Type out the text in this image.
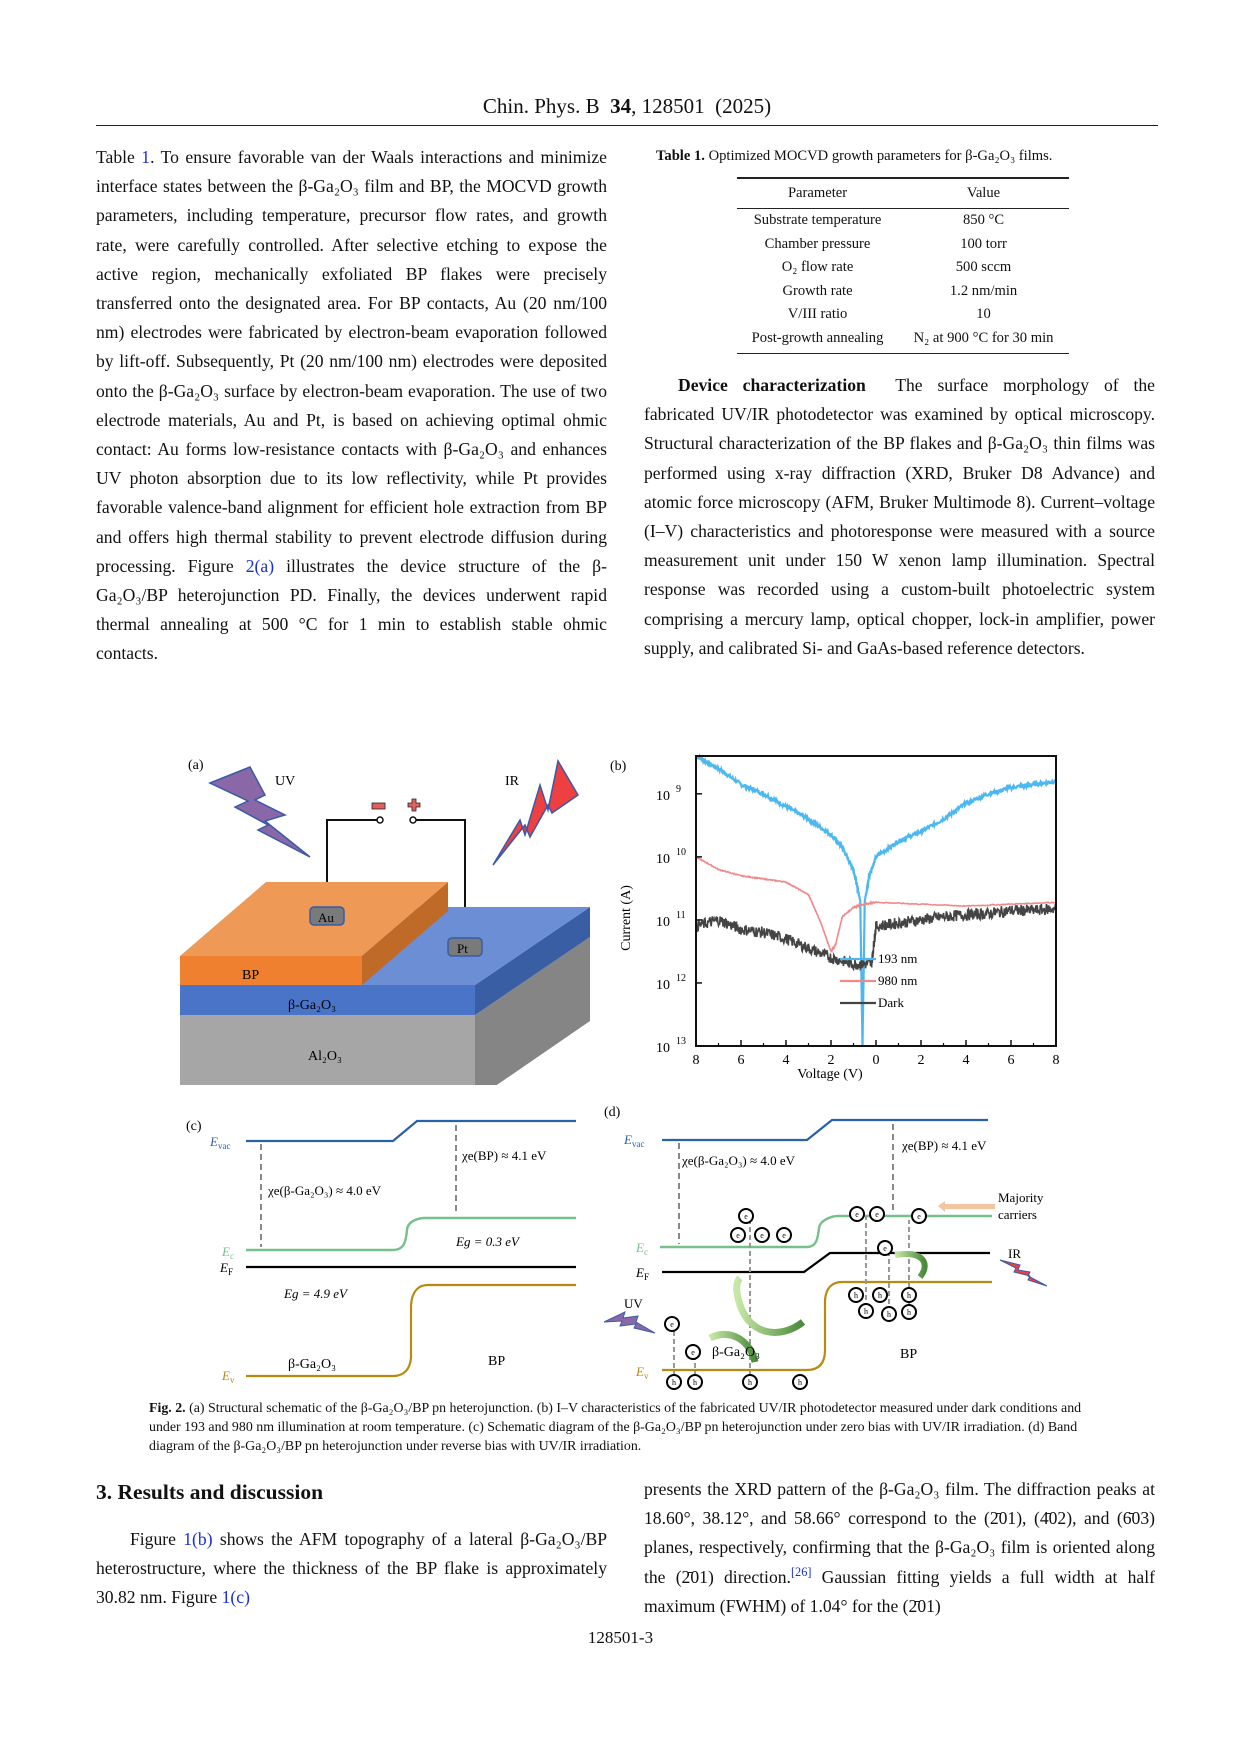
Chin. Phys. B 34, 128501 (2025)

Table 1. To ensure favorable van der Waals interactions and minimize interface states between the β-Ga₂O₃ film and BP, the MOCVD growth parameters, including temperature, precursor flow rates, and growth rate, were carefully controlled. After selective etching to expose the active region, mechanically exfoliated BP flakes were precisely transferred onto the designated area. For BP contacts, Au (20 nm/100 nm) electrodes were fabricated by electron-beam evaporation followed by lift-off. Subsequently, Pt (20 nm/100 nm) electrodes were deposited onto the β-Ga₂O₃ surface by electron-beam evaporation. The use of two electrode materials, Au and Pt, is based on achieving optimal ohmic contact: Au forms low-resistance contacts with β-Ga₂O₃ and enhances UV photon absorption due to its low reflectivity, while Pt provides favorable valence-band alignment for efficient hole extraction from BP and offers high thermal stability to prevent electrode diffusion during processing. Figure 2(a) illustrates the device structure of the β-Ga₂O₃/BP heterojunction PD. Finally, the devices underwent rapid thermal annealing at 500 °C for 1 min to establish stable ohmic contacts.

Table 1. Optimized MOCVD growth parameters for β-Ga₂O₃ films.
Parameter	Value
Substrate temperature	850 °C
Chamber pressure	100 torr
O₂ flow rate	500 sccm
Growth rate	1.2 nm/min
V/III ratio	10
Post-growth annealing	N₂ at 900 °C for 30 min

Device characterization The surface morphology of the fabricated UV/IR photodetector was examined by optical microscopy. Structural characterization of the BP flakes and β-Ga₂O₃ thin films was performed using x-ray diffraction (XRD, Bruker D8 Advance) and atomic force microscopy (AFM, Bruker Multimode 8). Current–voltage (I–V) characteristics and photoresponse were measured with a source measurement unit under 150 W xenon lamp illumination. Spectral response was recorded using a custom-built photoelectric system comprising a mercury lamp, optical chopper, lock-in amplifier, power supply, and calibrated Si- and GaAs-based reference detectors.

(a)
UV	IR
−	+
Au
Pt
BP
β-Ga₂O₃
Al₂O₃
(b)
8	6	4	2	0	2	4	6	8
10 $^9$
10 $^{10}$
10 $^{11}$
10 $^{12}$
10 $^{13}$
Voltage (V)
Current (A)
193 nm
980 nm
Dark
(c)
$E_{vac}$
$E_c$
$E_F$
$E_v$
χe(β-Ga₂O₃) ≈ 4.0 eV
χe(BP) ≈ 4.1 eV
Eg = 0.3 eV
Eg = 4.9 eV
β-Ga₂O₃	BP
(d)
$E_{vac}$
$E_c$
$E_F$
$E_v$
χe(β-Ga₂O₃) ≈ 4.0 eV
χe(BP) ≈ 4.1 eV
Majority
carriers
UV
IR
e
e	e e
e e	e
e
e
e
h h	h	h
h	h	h
h h h
β-Ga₂O₃	BP
Fig. 2. (a) Structural schematic of the β-Ga₂O₃/BP pn heterojunction. (b) I–V characteristics of the fabricated UV/IR photodetector measured under dark conditions and under 193 and 980 nm illumination at room temperature. (c) Schematic diagram of the β-Ga₂O₃/BP pn heterojunction under zero bias with UV/IR irradiation. (d) Band diagram of the β-Ga₂O₃/BP pn heterojunction under reverse bias with UV/IR irradiation.
3. Results and discussion

Figure 1(b) shows the AFM topography of a lateral β-Ga₂O₃/BP heterostructure, where the thickness of the BP flake is approximately 30.82 nm. Figure 1(c)

presents the XRD pattern of the β-Ga₂O₃ film. The diffraction peaks at 18.60°, 38.12°, and 58.66° correspond to the (2̄01), (4̄02), and (6̄03) planes, respectively, confirming that the β-Ga₂O₃ film is oriented along the (2̄01) direction.[26] Gaussian fitting yields a full width at half maximum (FWHM) of 1.04° for the (2̄01)

128501-3
